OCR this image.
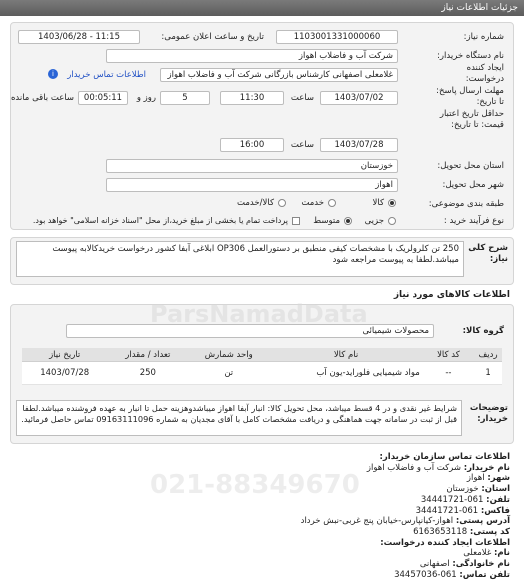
جزئیات اطلاعات نیاز
شماره نیاز:
1103001331000060
تاریخ و ساعت اعلان عمومی:
1403/06/28 - 11:15
نام دستگاه خریدار:
شرکت آب و فاضلاب اهواز
ایجاد کننده
درخواست:
غلامعلی اصفهانی کارشناس بازرگانی شرکت آب و فاضلاب اهواز
اطلاعات تماس خریدار
i
مهلت ارسال پاسخ:
تا تاریخ:
1403/07/02
ساعت
11:30
5
روز و
00:05:11
ساعت باقی مانده
حداقل تاریخ اعتبار
قیمت: تا تاریخ:
1403/07/28
ساعت
16:00
استان محل تحویل:
خوزستان
شهر محل تحویل:
اهواز
طبقه بندی موضوعی:
کالا
خدمت
کالا/خدمت
نوع فرآیند خرید :
جزیی
متوسط
پرداخت تمام یا بخشی از مبلغ خرید،از محل "اسناد خزانه اسلامی" خواهد بود.
شرح کلی
نیاز:
250 تن کلرولریک با مشخصات کیفی منطبق بر دستورالعمل OP306 ابلاغی آبفا کشور درخواست خریدکالابه پیوست میباشد.لطفا به پیوست مراجعه شود
اطلاعات کالاهای مورد نیاز
گروه کالا:
محصولات شیمیائی
ردیف	کد کالا	نام کالا	واحد شمارش	تعداد / مقدار	تاریخ نیاز
1	--	مواد شیمیایی فلوراید-یون آب	تن	250	1403/07/28
توضیحات
خریدار:
شرایط غیر نقدی و در 4 قسط میباشد، محل تحویل کالا: انبار آبفا اهواز میباشدوهزینه حمل تا انبار به عهده فروشنده میباشد.لطفا قبل از ثبت در سامانه جهت هماهنگی و دریافت مشخصات کامل با آقای مجدیان به شماره 09163111096 تماس حاصل فرمائید.
اطلاعات تماس سازمان خریدار:
نام خریدار: شرکت آب و فاضلاب اهواز
شهر: اهواز
استان: خوزستان
تلفن: 061-34441721
فاکس: 061-34441721
آدرس پستی: اهواز-کیانپارس-خیابان پنج غربی-نبش خرداد
کد پستی: 6163653118
اطلاعات ایجاد کننده درخواست:
نام: غلامعلی
نام خانوادگی: اصفهانی
تلفن تماس: 061-34457036
ParsNamadData
021-88349670
